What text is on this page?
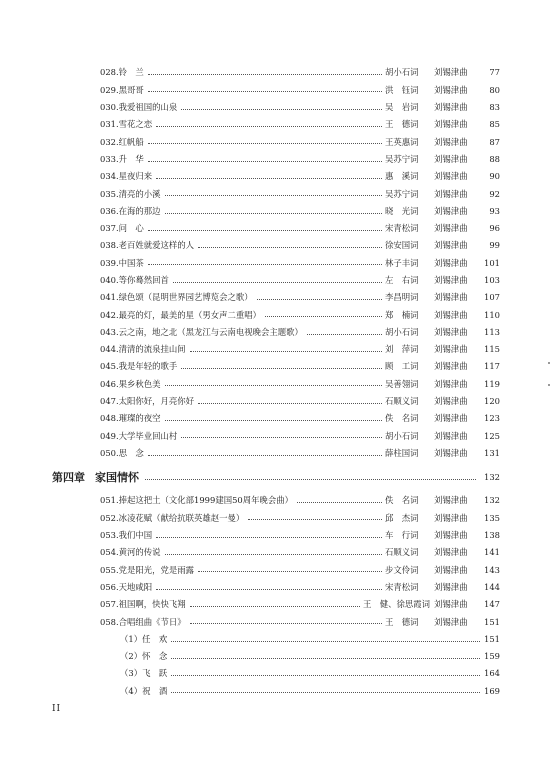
028.铃　兰	胡小石词	刘锡津曲	77
029.黑哥哥	洪　钰词	刘锡津曲	80
030.我爱祖国的山泉	吴　岩词	刘锡津曲	83
031.雪花之恋	王　德词	刘锡津曲	85
032.红帆船	王英惠词	刘锡津曲	87
033.升　华	吴苏宁词	刘锡津曲	88
034.星夜归来	惠　溪词	刘锡津曲	90
035.清亮的小溪	吴苏宁词	刘锡津曲	92
036.在海的那边	晓　光词	刘锡津曲	93
037.问　心	宋青松词	刘锡津曲	96
038.老百姓就爱这样的人	徐安国词	刘锡津曲	99
039.中国茶	林子丰词	刘锡津曲	101
040.等你蓦然回首	左　右词	刘锡津曲	103
041.绿色颂（昆明世界园艺博览会之歌）	李昌明词	刘锡津曲	107
042.最亮的灯，最美的星（男女声二重唱）	郑　楠词	刘锡津曲	110
043.云之南，地之北（黑龙江与云南电视晚会主题歌）	胡小石词	刘锡津曲	113
044.清清的流泉挂山间	刘　萍词	刘锡津曲	115
045.我是年轻的歌手	顾　工词	刘锡津曲	117
046.果乡秋色美	吴善翎词	刘锡津曲	119
047.太阳你好，月亮你好	石顺义词	刘锡津曲	120
048.璀璨的夜空	佚　名词	刘锡津曲	123
049.大学毕业回山村	胡小石词	刘锡津曲	125
050.思　念	薛柱国词	刘锡津曲	131
第四章 家国情怀	132
051.捧起这把土（文化部1999建国50周年晚会曲）	佚　名词	刘锡津曲	132
052.冰凌花赋（献给抗联英雄赵一曼）	邱　杰词	刘锡津曲	135
053.我们中国	车　行词	刘锡津曲	138
054.黄河的传说	石顺义词	刘锡津曲	141
055.党是阳光，党是雨露	步文伶词	刘锡津曲	143
056.天地咸阳	宋青松词	刘锡津曲	144
057.祖国啊，快快飞翔	王　健、徐思霞词 刘锡津曲	147
058.合唱组曲《节日》	王　德词	刘锡津曲	151
（1）任　欢	151
（2）怀　念	159
（3）飞　跃	164
（4）祝　酒	169
II
